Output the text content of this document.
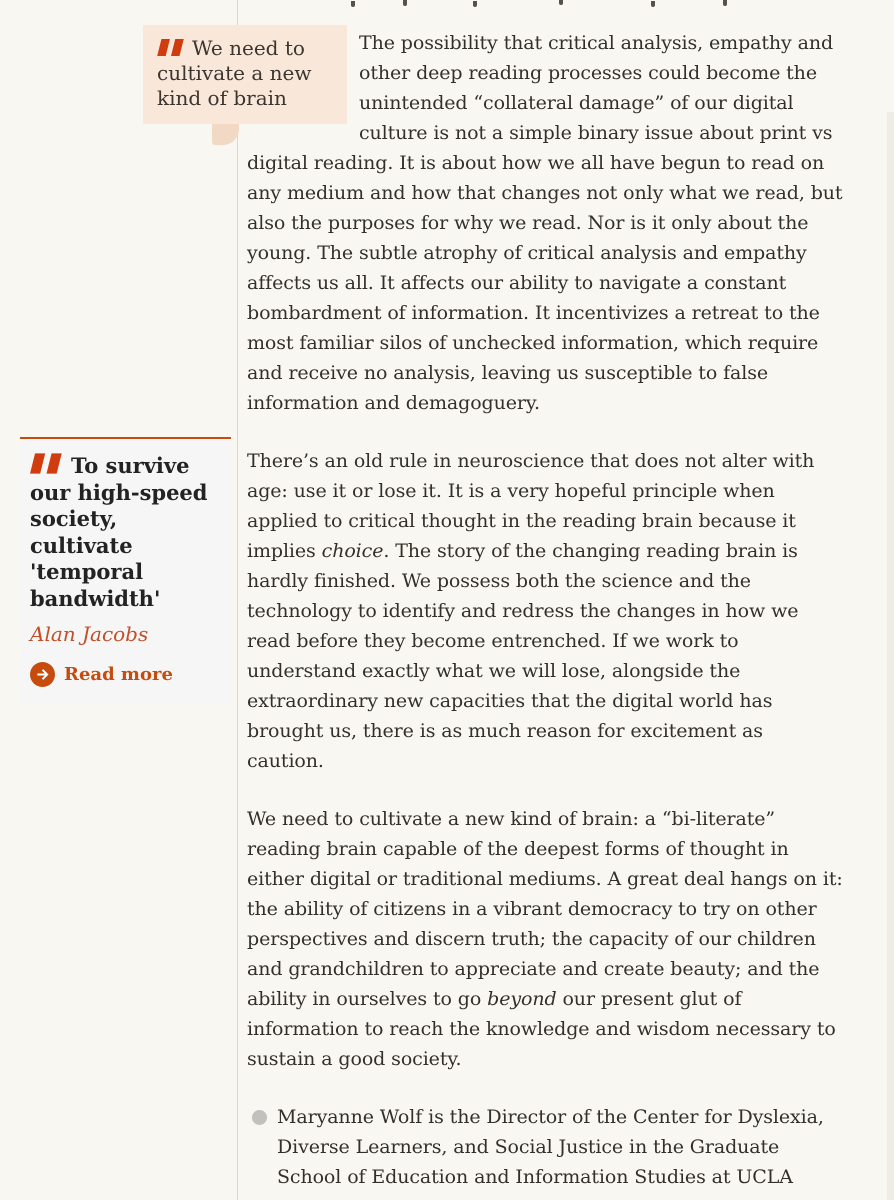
We need to cultivate a new kind of brain
To survive our high-speed society, cultivate 'temporal bandwidth'
Alan Jacobs
Read more

The possibility that critical analysis, empathy and other deep reading processes could become the unintended “collateral damage” of our digital culture is not a simple binary issue about print vs digital reading. It is about how we all have begun to read on any medium and how that changes not only what we read, but also the purposes for why we read. Nor is it only about the young. The subtle atrophy of critical analysis and empathy affects us all. It affects our ability to navigate a constant bombardment of information. It incentivizes a retreat to the most familiar silos of unchecked information, which require and receive no analysis, leaving us susceptible to false information and demagoguery.

There’s an old rule in neuroscience that does not alter with age: use it or lose it. It is a very hopeful principle when applied to critical thought in the reading brain because it implies choice. The story of the changing reading brain is hardly finished. We possess both the science and the technology to identify and redress the changes in how we read before they become entrenched. If we work to understand exactly what we will lose, alongside the extraordinary new capacities that the digital world has brought us, there is as much reason for excitement as caution.

We need to cultivate a new kind of brain: a “bi-literate” reading brain capable of the deepest forms of thought in either digital or traditional mediums. A great deal hangs on it: the ability of citizens in a vibrant democracy to try on other perspectives and discern truth; the capacity of our children and grandchildren to appreciate and create beauty; and the ability in ourselves to go beyond our present glut of information to reach the knowledge and wisdom necessary to sustain a good society.

Maryanne Wolf is the Director of the Center for Dyslexia, Diverse Learners, and Social Justice in the Graduate School of Education and Information Studies at UCLA
